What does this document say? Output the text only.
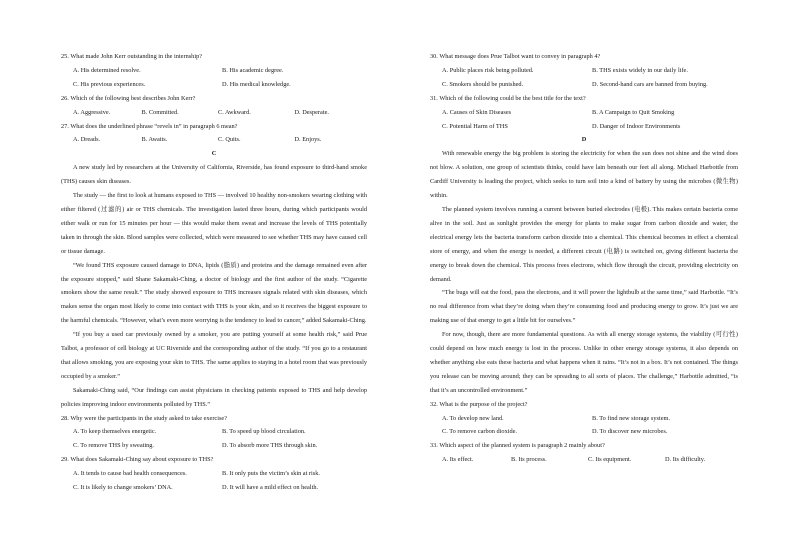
25. What made John Kerr outstanding in the internship?

A. His determined resolve.	B. His academic degree.
C. His previous experiences.	D. His medical knowledge.

26. Which of the following best describes John Kerr?

A. Aggressive.	B. Committed.	C. Awkward.	D. Desperate.

27. What does the underlined phrase “revels in” in paragraph 6 mean?

A. Dreads.	B. Awaits.	C. Quits.	D. Enjoys.

C

A new study led by researchers at the University of California, Riverside, has found exposure to third-hand smoke (THS) causes skin diseases.

The study — the first to look at humans exposed to THS — involved 10 healthy non-smokers wearing clothing with either filtered (过滤的) air or THS chemicals. The investigation lasted three hours, during which participants would either walk or run for 15 minutes per hour — this would make them sweat and increase the levels of THS potentially taken in through the skin. Blood samples were collected, which were measured to see whether THS may have caused cell or tissue damage.

“We found THS exposure caused damage to DNA, lipids (脂质) and proteins and the damage remained even after the exposure stopped,” said Shane Sakamaki-Ching, a doctor of biology and the first author of the study. “Cigarette smokers show the same result.” The study showed exposure to THS increases signals related with skin diseases, which makes sense the organ most likely to come into contact with THS is your skin, and so it receives the biggest exposure to the harmful chemicals. “However, what’s even more worrying is the tendency to lead to cancer,” added Sakamaki-Ching.

“If you buy a used car previously owned by a smoker, you are putting yourself at some health risk,” said Prue Talbot, a professor of cell biology at UC Riverside and the corresponding author of the study. “If you go to a restaurant that allows smoking, you are exposing your skin to THS. The same applies to staying in a hotel room that was previously occupied by a smoker.”

Sakamaki-Ching said, “Our findings can assist physicians in checking patients exposed to THS and help develop policies improving indoor environments polluted by THS.”

28. Why were the participants in the study asked to take exercise?

A. To keep themselves energetic.	B. To speed up blood circulation.
C. To remove THS by sweating.	D. To absorb more THS through skin.

29. What does Sakamaki-Ching say about exposure to THS?

A. It tends to cause bad health consequences.	B. It only puts the victim’s skin at risk.
C. It is likely to change smokers’ DNA.	D. It will have a mild effect on health.

30. What message does Prue Talbot want to convey in paragraph 4?

A. Public places risk being polluted.	B. THS exists widely in our daily life.
C. Smokers should be punished.	D. Second-hand cars are banned from buying.

31. Which of the following could be the best title for the text?

A. Causes of Skin Diseases	B. A Campaign to Quit Smoking
C. Potential Harm of THS	D. Danger of Indoor Environments

D

With renewable energy the big problem is storing the electricity for when the sun does not shine and the wind does not blow. A solution, one group of scientists thinks, could have lain beneath our feet all along. Michael Harbottle from Cardiff University is leading the project, which seeks to turn soil into a kind of battery by using the microbes (微生物) within.

The planned system involves running a current between buried electrodes (电极). This makes certain bacteria come alive in the soil. Just as sunlight provides the energy for plants to make sugar from carbon dioxide and water, the electrical energy lets the bacteria transform carbon dioxide into a chemical. This chemical becomes in effect a chemical store of energy, and when the energy is needed, a different circuit (电路) is switched on, giving different bacteria the energy to break down the chemical. This process frees electrons, which flow through the circuit, providing electricity on demand.

“The bugs will eat the food, pass the electrons, and it will power the lightbulb at the same time,” said Harbottle. “It’s no real difference from what they’re doing when they’re consuming food and producing energy to grow. It’s just we are making use of that energy to get a little bit for ourselves.”

For now, though, there are more fundamental questions. As with all energy storage systems, the viability (可行性) could depend on how much energy is lost in the process. Unlike in other energy storage systems, it also depends on whether anything else eats these bacteria and what happens when it rains. “It’s not in a box. It’s not contained. The things you release can be moving around; they can be spreading to all sorts of places. The challenge,” Harbottle admitted, “is that it’s an uncontrolled environment.”

32. What is the purpose of the project?

A. To develop new land.	B. To find new storage system.
C. To remove carbon dioxide.	D. To discover new microbes.

33. Which aspect of the planned system is paragraph 2 mainly about?

A. Its effect.	B. Its process.	C. Its equipment.	D. Its difficulty.
